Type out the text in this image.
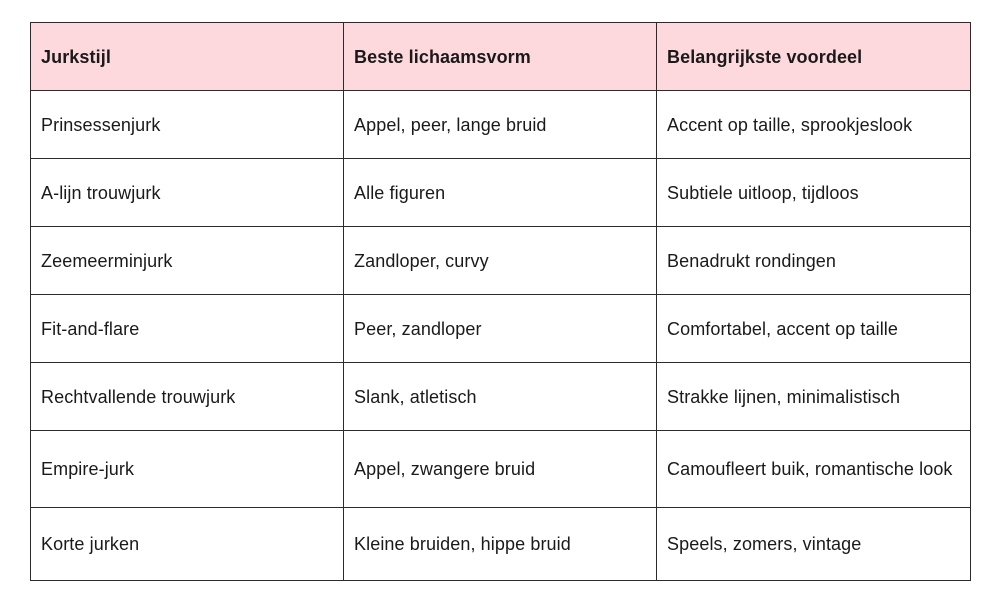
Jurkstijl	Beste lichaamsvorm	Belangrijkste voordeel
Prinsessenjurk	Appel, peer, lange bruid	Accent op taille, sprookjeslook
A-lijn trouwjurk	Alle figuren	Subtiele uitloop, tijdloos
Zeemeerminjurk	Zandloper, curvy	Benadrukt rondingen
Fit-and-flare	Peer, zandloper	Comfortabel, accent op taille
Rechtvallende trouwjurk	Slank, atletisch	Strakke lijnen, minimalistisch
Empire-jurk	Appel, zwangere bruid	Camoufleert buik, romantische look
Korte jurken	Kleine bruiden, hippe bruid	Speels, zomers, vintage
